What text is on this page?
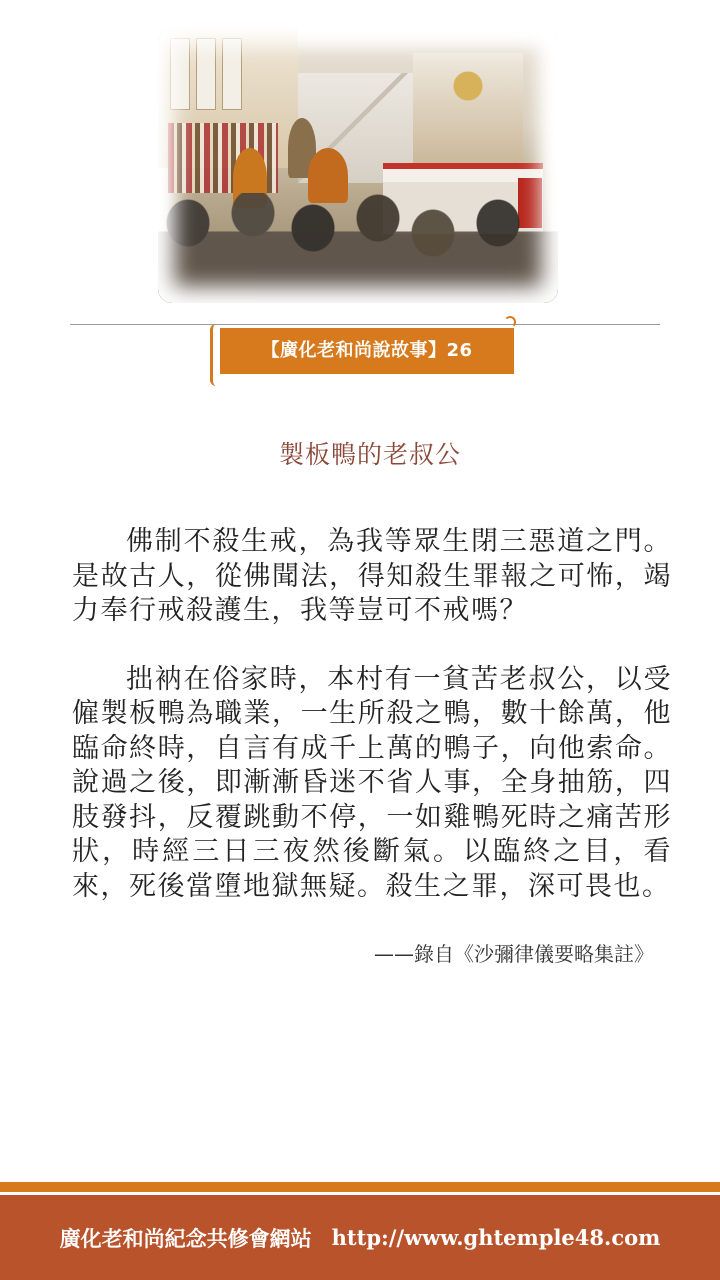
【廣化老和尚說故事】26
製板鴨的老叔公

佛制不殺生戒，為我等眾生閉三惡道之門。是故古人，從佛聞法，得知殺生罪報之可怖，竭力奉行戒殺護生，我等豈可不戒嗎？

拙衲在俗家時，本村有一貧苦老叔公，以受僱製板鴨為職業，一生所殺之鴨，數十餘萬，他臨命終時，自言有成千上萬的鴨子，向他索命。說過之後，即漸漸昏迷不省人事，全身抽筋，四肢發抖，反覆跳動不停，一如雞鴨死時之痛苦形狀，時經三日三夜然後斷氣。以臨終之目，看來，死後當墮地獄無疑。殺生之罪，深可畏也。

——錄自《沙彌律儀要略集註》
廣化老和尚紀念共修會網站 http://www.ghtemple48.com
